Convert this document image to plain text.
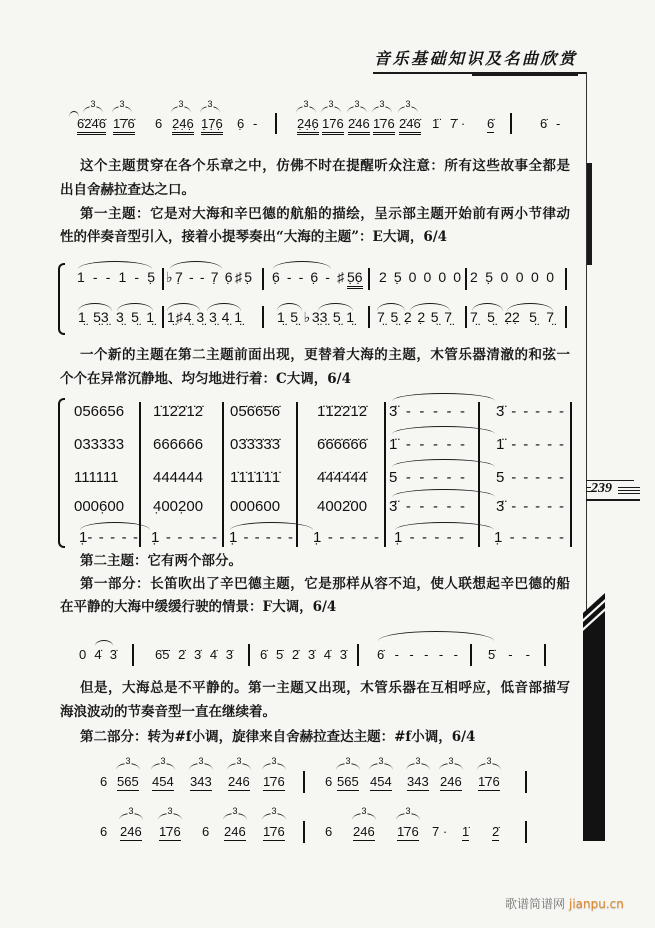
音乐基础知识及名曲欣赏
239
3	3	3	3	3 3 3 3 3
6̇2̇4̇6̇ 1̇7̇6̇ 6 2̣4̣6̣ 1̣7̣6̣ 6̣ -	2̣4̣6̣ 176 2̇46 1̇76 2̇4̇6̇ 1̈ 7̇ · 6̇	6̇ -
这个主题贯穿在各个乐章之中，仿佛不时在提醒听众注意：所有这些故事全都是
出自舍赫拉查达之口。
第一主题：它是对大海和辛巴德的航船的描绘，呈示部主题开始前有两小节律动
性的伴奏音型引入，接着小提琴奏出“大海的主题”：E大调，6/4
1 - - 1 - 5̣ ♭7̣ - - 7̣ 6̣♯5̣ 6̣ - - 6̣ - ♯ 5̣6̣ 2 5̣ 0 0 0 0 2 5̣ 0 0 0 0
1̤ 5̤3̤ 3̤ 5̤ 1̤ 1̤♯4̤ 3̤ 3̤ 4̤ 1̤	1̤ 5̤ ♭3̤3̤ 5̤ 1̤ 7̤ 5̤ 2̣ 2̣ 5̤ 7̤ 7̤ 5̤ 2̣2̣ 5̤ 7̤
一个新的主题在第二主题前面出现，更替着大海的主题，木管乐器清澈的和弦一
个个在异常沉静地、均匀地进行着：C大调，6/4
056656 1̇1̇2̇2̇1̇2̇ 05̇6̇6̇5̇6̇ 1̈1̈2̇2̇1̇2̇ 3̈ - - - - - 3̈ - - - - -
033333 666666 03̇3̇3̇3̇3̇ 6̇6̇6̇6̇6̇6̇ 1̈ - - - - - 1̈ - - - - -
111111 444444 1̇1̇1̇1̇1̇1̇ 4̇4̇4̇4̇4̇4̇ 5 - - - - - 5 - - - - -
0006̣00 4̣002̣00 000600 4002̇00 3̈ - - - - - 3̈ - - - - -
1̣- - - - - 1̣ - - - - - 1̣ - - - - - 1̣ - - - - - 1̣ - - - - - 1̣ - - - - -
第二主题：它有两个部分。
第一部分：长笛吹出了辛巴德主题，它是那样从容不迫，使人联想起辛巴德的船
在平静的大海中缓缓行驶的情景：F大调，6/4
0 4̇ 3̇	6̇5̇ 2̇ 3̇ 4̇ 3̇ 6̇ 5̇ 2̇ 3̇ 4̇ 3̇ 6̇ - - - - - 5̇ - -
但是，大海总是不平静的。第一主题又出现，木管乐器在互相呼应，低音部描写
海浪波动的节奏音型一直在继续着。
第二部分：转为#f小调，旋律来自舍赫拉查达主题：#f小调，6/4
3	3	3	3	3	3	3	3	3	3
6 565 454 343 246 1̇76	6 565 454 343 246 1̇76
3	3	3	3	3	3
6 246 1̇76 6 246 1̇76	6 246 1̇76 7 · 1̇ 2̇
歌谱简谱网 jianpu.cn
